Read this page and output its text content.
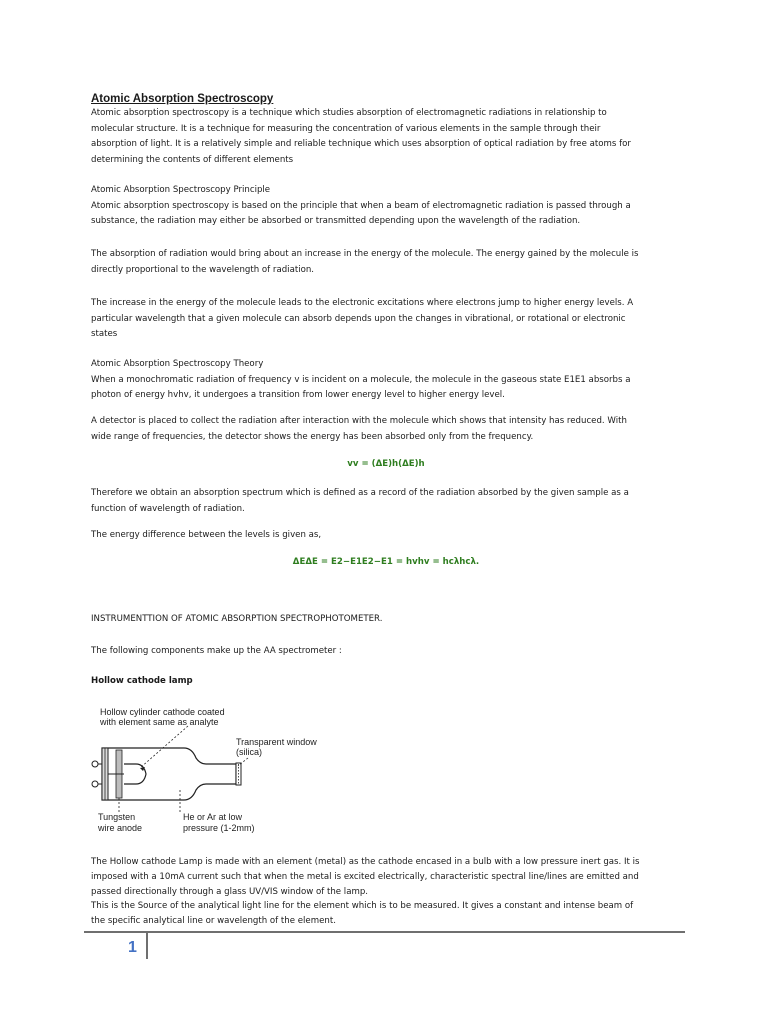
Atomic Absorption Spectroscopy
Atomic absorption spectroscopy is a technique which studies absorption of electromagnetic radiations in relationship to
molecular structure. It is a technique for measuring the concentration of various elements in the sample through their
absorption of light. It is a relatively simple and reliable technique which uses absorption of optical radiation by free atoms for
determining the contents of different elements
Atomic Absorption Spectroscopy Principle
Atomic absorption spectroscopy is based on the principle that when a beam of electromagnetic radiation is passed through a
substance, the radiation may either be absorbed or transmitted depending upon the wavelength of the radiation.
The absorption of radiation would bring about an increase in the energy of the molecule. The energy gained by the molecule is
directly proportional to the wavelength of radiation.
The increase in the energy of the molecule leads to the electronic excitations where electrons jump to higher energy levels. A
particular wavelength that a given molecule can absorb depends upon the changes in vibrational, or rotational or electronic
states
Atomic Absorption Spectroscopy Theory
When a monochromatic radiation of frequency v is incident on a molecule, the molecule in the gaseous state E1E1 absorbs a
photon of energy hvhv, it undergoes a transition from lower energy level to higher energy level.
A detector is placed to collect the radiation after interaction with the molecule which shows that intensity has reduced. With
wide range of frequencies, the detector shows the energy has been absorbed only from the frequency.
vv = (ΔE)h(ΔE)h
Therefore we obtain an absorption spectrum which is defined as a record of the radiation absorbed by the given sample as a
function of wavelength of radiation.
The energy difference between the levels is given as,
ΔEΔE = E2−E1E2−E1 = hvhv = hcλhcλ.
INSTRUMENTTION OF ATOMIC ABSORPTION SPECTROPHOTOMETER.
The following components make up the AA spectrometer :
Hollow cathode lamp
Hollow cylinder cathode coated
with element same as analyte
Transparent window
(silica)
Tungsten
wire anode
He or Ar at low
pressure (1-2mm)
The Hollow cathode Lamp is made with an element (metal) as the cathode encased in a bulb with a low pressure inert gas. It is
imposed with a 10mA current such that when the metal is excited electrically, characteristic spectral line/lines are emitted and
passed directionally through a glass UV/VIS window of the lamp.
This is the Source of the analytical light line for the element which is to be measured. It gives a constant and intense beam of
the specific analytical line or wavelength of the element.
1
